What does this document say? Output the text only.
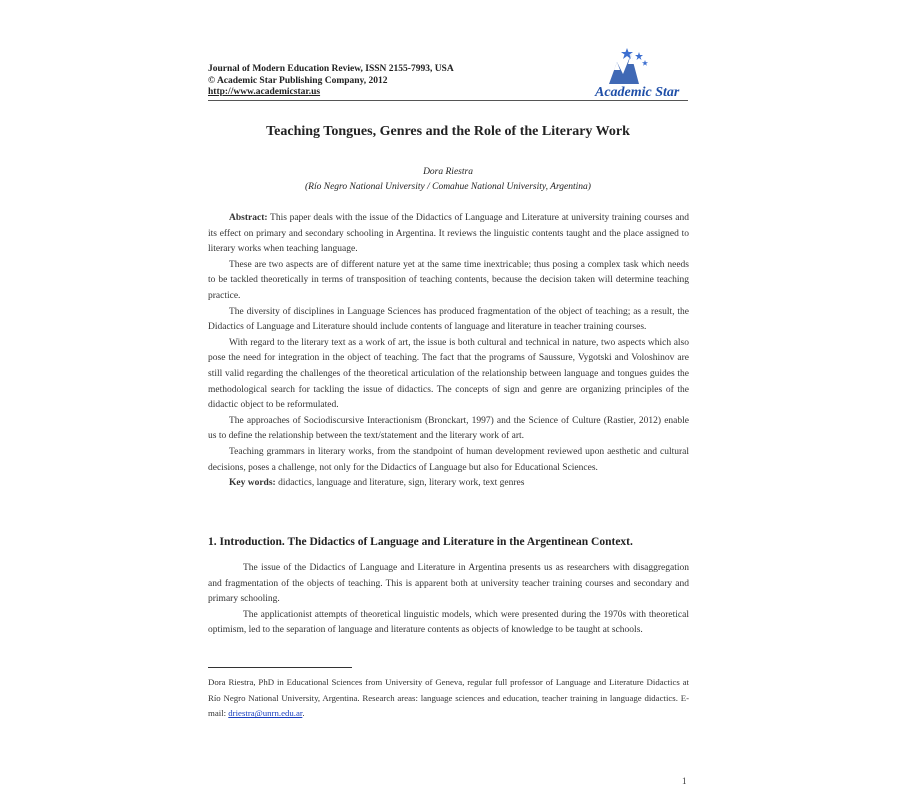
Journal of Modern Education Review, ISSN 2155-7993, USA
© Academic Star Publishing Company, 2012
http://www.academicstar.us	Academic Star
Teaching Tongues, Genres and the Role of the Literary Work
Dora Riestra
(Río Negro National University / Comahue National University, Argentina)

Abstract: This paper deals with the issue of the Didactics of Language and Literature at university training courses and its effect on primary and secondary schooling in Argentina. It reviews the linguistic contents taught and the place assigned to literary works when teaching language.

These are two aspects are of different nature yet at the same time inextricable; thus posing a complex task which needs to be tackled theoretically in terms of transposition of teaching contents, because the decision taken will determine teaching practice.

The diversity of disciplines in Language Sciences has produced fragmentation of the object of teaching; as a result, the Didactics of Language and Literature should include contents of language and literature in teacher training courses.

With regard to the literary text as a work of art, the issue is both cultural and technical in nature, two aspects which also pose the need for integration in the object of teaching. The fact that the programs of Saussure, Vygotski and Voloshinov are still valid regarding the challenges of the theoretical articulation of the relationship between language and tongues guides the methodological search for tackling the issue of didactics. The concepts of sign and genre are organizing principles of the didactic object to be reformulated.

The approaches of Sociodiscursive Interactionism (Bronckart, 1997) and the Science of Culture (Rastier, 2012) enable us to define the relationship between the text/statement and the literary work of art.

Teaching grammars in literary works, from the standpoint of human development reviewed upon aesthetic and cultural decisions, poses a challenge, not only for the Didactics of Language but also for Educational Sciences.

Key words: didactics, language and literature, sign, literary work, text genres

1. Introduction. The Didactics of Language and Literature in the Argentinean Context.

The issue of the Didactics of Language and Literature in Argentina presents us as researchers with disaggregation and fragmentation of the objects of teaching. This is apparent both at university teacher training courses and secondary and primary schooling.

The applicationist attempts of theoretical linguistic models, which were presented during the 1970s with theoretical optimism, led to the separation of language and literature contents as objects of knowledge to be taught at schools.

Dora Riestra, PhD in Educational Sciences from University of Geneva, regular full professor of Language and Literature Didactics at Río Negro National University, Argentina. Research areas: language sciences and education, teacher training in language didactics. E-mail: driestra@unrn.edu.ar.
1
